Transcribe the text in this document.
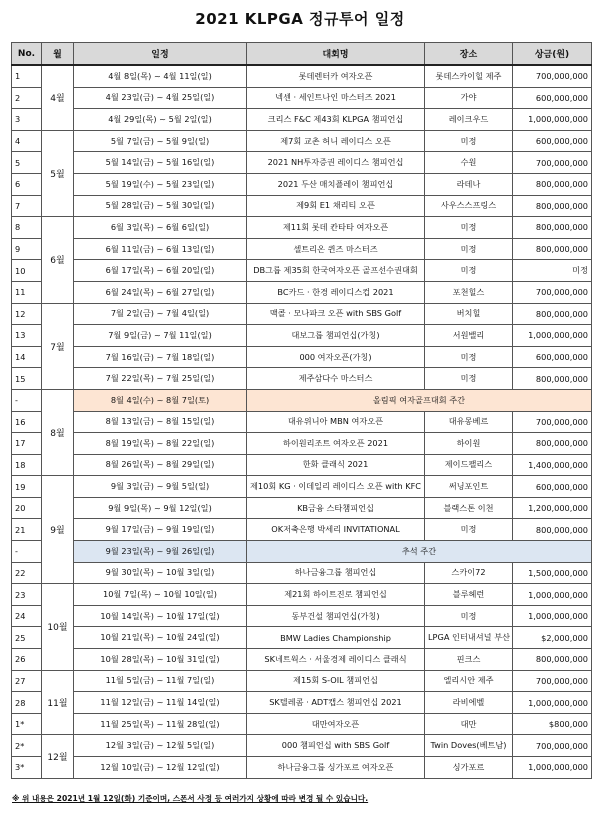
2021 KLPGA 정규투어 일정
No.	월	일정	대회명	장소	상금(원)
1	4월	4월 8일(목) ~ 4월 11일(일)	롯데렌터카 여자오픈	롯데스카이힐 제주	700,000,000
2		4월 23일(금) ~ 4월 25일(일)	넥센 · 세인트나인 마스터즈 2021	가야	600,000,000
3		4월 29일(목) ~ 5월 2일(일)	크리스 F&C 제43회 KLPGA 챔피언십	레이크우드	1,000,000,000
4	5월	5월 7일(금) ~ 5월 9일(일)	제7회 교촌 허니 레이디스 오픈	미정	600,000,000
5		5월 14일(금) ~ 5월 16일(일)	2021 NH투자증권 레이디스 챔피언십	수원	700,000,000
6		5월 19일(수) ~ 5월 23일(일)	2021 두산 매치플레이 챔피언십	라데나	800,000,000
7		5월 28일(금) ~ 5월 30일(일)	제9회 E1 채리티 오픈	사우스스프링스	800,000,000
8	6월	6월 3일(목) ~ 6월 6일(일)	제11회 롯데 칸타타 여자오픈	미정	800,000,000
9		6월 11일(금) ~ 6월 13일(일)	셀트리온 퀸즈 마스터즈	미정	800,000,000
10		6월 17일(목) ~ 6월 20일(일)	DB그룹 제35회 한국여자오픈 골프선수권대회	미정	미정
11		6월 24일(목) ~ 6월 27일(일)	BC카드 · 한경 레이디스컵 2021	포천힐스	700,000,000
12	7월	7월 2일(금) ~ 7월 4일(일)	맥콜 · 모나파크 오픈 with SBS Golf	버치힐	800,000,000
13		7월 9일(금) ~ 7월 11일(일)	대보그룹 챔피언십(가칭)	서원밸리	1,000,000,000
14		7월 16일(금) ~ 7월 18일(일)	000 여자오픈(가칭)	미정	600,000,000
15		7월 22일(목) ~ 7월 25일(일)	제주삼다수 마스터스	미정	800,000,000
-	8월	8월 4일(수) ~ 8월 7일(토)	올림픽 여자골프대회 주간		
16		8월 13일(금) ~ 8월 15일(일)	대유위니아 MBN 여자오픈	대유몽베르	700,000,000
17		8월 19일(목) ~ 8월 22일(일)	하이원리조트 여자오픈 2021	하이원	800,000,000
18		8월 26일(목) ~ 8월 29일(일)	한화 클래식 2021	제이드팰리스	1,400,000,000
19	9월	9월 3일(금) ~ 9월 5일(일)	제10회 KG · 이데일리 레이디스 오픈 with KFC	써닝포인트	600,000,000
20		9월 9일(목) ~ 9월 12일(일)	KB금융 스타챔피언십	블랙스톤 이천	1,200,000,000
21		9월 17일(금) ~ 9월 19일(일)	OK저축은행 박세리 INVITATIONAL	미정	800,000,000
-		9월 23일(목) ~ 9월 26일(일)	추석 주간		
22		9월 30일(목) ~ 10월 3일(일)	하나금융그룹 챔피언십	스카이72	1,500,000,000
23	10월	10월 7일(목) ~ 10월 10일(일)	제21회 하이트진로 챔피언십	블루헤런	1,000,000,000
24		10월 14일(목) ~ 10월 17일(일)	동부건설 챔피언십(가칭)	미정	1,000,000,000
25		10월 21일(목) ~ 10월 24일(일)	BMW Ladies Championship	LPGA 인터내셔널 부산	$2,000,000
26		10월 28일(목) ~ 10월 31일(일)	SK네트웍스 · 서울경제 레이디스 클래식	핀크스	800,000,000
27	11월	11월 5일(금) ~ 11월 7일(일)	제15회 S-OIL 챔피언십	엘리시안 제주	700,000,000
28		11월 12일(금) ~ 11월 14일(일)	SK텔레콤 · ADT캡스 챔피언십 2021	라비에벨	1,000,000,000
1*		11월 25일(목) ~ 11월 28일(일)	대만여자오픈	대만	$800,000
2*	12월	12월 3일(금) ~ 12월 5일(일)	000 챔피언십 with SBS Golf	Twin Doves(베트남)	700,000,000
3*		12월 10일(금) ~ 12월 12일(일)	하나금융그룹 싱가포르 여자오픈	싱가포르	1,000,000,000
※ 위 내용은 2021년 1월 12일(화) 기준이며, 스폰서 사정 등 여러가지 상황에 따라 변경 될 수 있습니다.
